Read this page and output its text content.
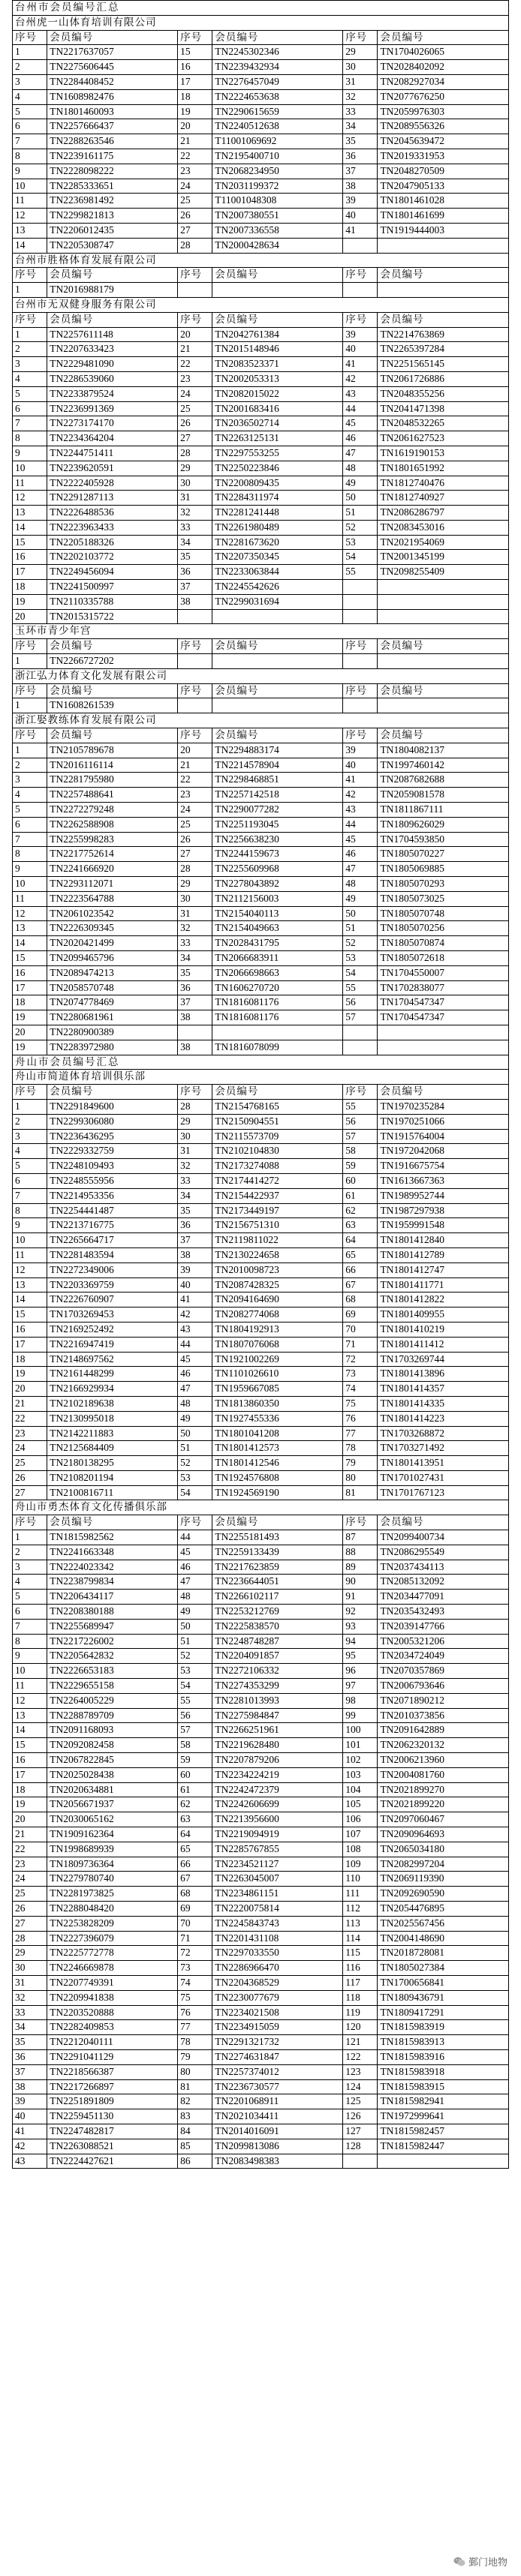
台州市会员编号汇总					
台州虎一山体育培训有限公司					
序号	会员编号	序号	会员编号	序号	会员编号
1	TN2217637057	15	TN2245302346	29	TN1704026065
2	TN2275606445	16	TN2239432934	30	TN2028402092
3	TN2284408452	17	TN2276457049	31	TN2082927034
4	TN1608982476	18	TN2224653638	32	TN2077676250
5	TN1801460093	19	TN2290615659	33	TN2059976303
6	TN2257666437	20	TN2240512638	34	TN2089556326
7	TN2288263546	21	T11001069692	35	TN2045639472
8	TN2239161175	22	TN2195400710	36	TN2019331953
9	TN2228098222	23	TN2068234950	37	TN2048270509
10	TN2285333651	24	TN2031199372	38	TN2047905133
11	TN2236981492	25	T11001048308	39	TN1801461028
12	TN2299821813	26	TN2007380551	40	TN1801461699
13	TN2206012435	27	TN2007336558	41	TN1919444003
14	TN2205308747	28	TN2000428634		
台州市胜格体育发展有限公司					
序号	会员编号	序号	会员编号	序号	会员编号
1	TN2016988179				
台州市无双健身服务有限公司					
序号	会员编号	序号	会员编号	序号	会员编号
1	TN2257611148	20	TN2042761384	39	TN2214763869
2	TN2207633423	21	TN2015148946	40	TN2265397284
3	TN2229481090	22	TN2083523371	41	TN2251565145
4	TN2286539060	23	TN2002053313	42	TN2061726886
5	TN2233879524	24	TN2082015022	43	TN2048355256
6	TN2236991369	25	TN2001683416	44	TN2041471398
7	TN2273174170	26	TN2036502714	45	TN2048532265
8	TN2234364204	27	TN2263125131	46	TN2061627523
9	TN2244751411	28	TN2297553255	47	TN1619190153
10	TN2239620591	29	TN2250223846	48	TN1801651992
11	TN2222405928	30	TN2200809435	49	TN1812740476
12	TN2291287113	31	TN2284311974	50	TN1812740927
13	TN2226488536	32	TN2281241448	51	TN2086286797
14	TN2223963433	33	TN2261980489	52	TN2083453016
15	TN2205188326	34	TN2281673620	53	TN2021954069
16	TN2202103772	35	TN2207350345	54	TN2001345199
17	TN2249456094	36	TN2233063844	55	TN2098255409
18	TN2241500997	37	TN2245542626		
19	TN2110335788	38	TN2299031694		
20	TN2015315722				
玉环市青少年宫					
序号	会员编号	序号	会员编号	序号	会员编号
1	TN2266727202				
浙江弘力体育文化发展有限公司					
序号	会员编号	序号	会员编号	序号	会员编号
1	TN1608261539				
浙江娶教练体育发展有限公司					
序号	会员编号	序号	会员编号	序号	会员编号
1	TN2105789678	20	TN2294883174	39	TN1804082137
2	TN2016116114	21	TN2214578904	40	TN1997460142
3	TN2281795980	22	TN2298468851	41	TN2087682688
4	TN2257488641	23	TN2257142518	42	TN2059081578
5	TN2272279248	24	TN2290077282	43	TN1811867111
6	TN2262588908	25	TN2251193045	44	TN1809626029
7	TN2255998283	26	TN2256638230	45	TN1704593850
8	TN2217752614	27	TN2244159673	46	TN1805070227
9	TN2241666920	28	TN2255609968	47	TN1805069885
10	TN2293112071	29	TN2278043892	48	TN1805070293
11	TN2223564788	30	TN2112156003	49	TN1805073025
12	TN2061023542	31	TN2154040113	50	TN1805070748
13	TN2226309345	32	TN2154049663	51	TN1805070256
14	TN2020421499	33	TN2028431795	52	TN1805070874
15	TN2099465796	34	TN2066683911	53	TN1805072618
16	TN2089474213	35	TN2066698663	54	TN1704550007
17	TN2058570748	36	TN1606270720	55	TN1702838077
18	TN2074778469	37	TN1816081176	56	TN1704547347
19	TN2280681961	38	TN1816081176	57	TN1704547347
20	TN2280900389				
19	TN2283972980	38	TN1816078099		
舟山市会员编号汇总					
舟山市简道体育培训俱乐部					
序号	会员编号	序号	会员编号	序号	会员编号
1	TN2291849600	28	TN2154768165	55	TN1970235284
2	TN2299306080	29	TN2150904551	56	TN1970251066
3	TN2236436295	30	TN2115573709	57	TN1915764004
4	TN2229332759	31	TN2102104830	58	TN1972042068
5	TN2248109493	32	TN2173274088	59	TN1916675754
6	TN2248555956	33	TN2174414272	60	TN1613667363
7	TN2214953356	34	TN2154422937	61	TN1989952744
8	TN2254441487	35	TN2173449197	62	TN1987297938
9	TN2213716775	36	TN2156751310	63	TN1959991548
10	TN2265664717	37	TN2119811022	64	TN1801412840
11	TN2281483594	38	TN2130224658	65	TN1801412789
12	TN2272349006	39	TN2010098723	66	TN1801412747
13	TN2203369759	40	TN2087428325	67	TN1801411771
14	TN2226760907	41	TN2094164690	68	TN1801412822
15	TN1703269453	42	TN2082774068	69	TN1801409955
16	TN2169252492	43	TN1804192913	70	TN1801410219
17	TN2216947419	44	TN1807076068	71	TN1801411412
18	TN2148697562	45	TN1921002269	72	TN1703269744
19	TN2161448299	46	TN1101026610	73	TN1801413896
20	TN2166929934	47	TN1959667085	74	TN1801414357
21	TN2102189638	48	TN1813860350	75	TN1801414335
22	TN2130995018	49	TN1927455336	76	TN1801414223
23	TN2142211883	50	TN1801041208	77	TN1703268872
24	TN2125684409	51	TN1801412573	78	TN1703271492
25	TN2180138295	52	TN1801412546	79	TN1801413951
26	TN2108201194	53	TN1924576808	80	TN1701027431
27	TN2100816711	54	TN1924569190	81	TN1701767123
舟山市勇杰体育文化传播俱乐部					
序号	会员编号	序号	会员编号	序号	会员编号
1	TN1815982562	44	TN2255181493	87	TN2099400734
2	TN2241663348	45	TN2259133439	88	TN2086295549
3	TN2224023342	46	TN2217623859	89	TN2037434113
4	TN2238799834	47	TN2236644051	90	TN2085132092
5	TN2206434117	48	TN2266102117	91	TN2034477091
6	TN2208380188	49	TN2253212769	92	TN2035432493
7	TN2255689947	50	TN2225838570	93	TN2039147766
8	TN2217226002	51	TN2248748287	94	TN2005321206
9	TN2205642832	52	TN2204091857	95	TN2034724049
10	TN2226653183	53	TN2272106332	96	TN2070357869
11	TN2229655158	54	TN2274353299	97	TN2006793646
12	TN2264005229	55	TN2281013993	98	TN2071890212
13	TN2288789709	56	TN2275984847	99	TN2010373856
14	TN2091168093	57	TN2266251961	100	TN2091642889
15	TN2092082458	58	TN2219628480	101	TN2062320132
16	TN2067822845	59	TN2207879206	102	TN2006213960
17	TN2025028438	60	TN2234224219	103	TN2004081760
18	TN2020634881	61	TN2242472379	104	TN2021899270
19	TN2056671937	62	TN2242606699	105	TN2021899220
20	TN2030065162	63	TN2213956600	106	TN2097060467
21	TN1909162364	64	TN2219094919	107	TN2090964693
22	TN1998689939	65	TN2285767855	108	TN2065034180
23	TN1809736364	66	TN2234521127	109	TN2082997204
24	TN2279780740	67	TN2263045007	110	TN2069119390
25	TN2281973825	68	TN2234861151	111	TN2092690590
26	TN2288048420	69	TN2220075814	112	TN2054476895
27	TN2253828209	70	TN2245843743	113	TN2025567456
28	TN2227396079	71	TN2201431108	114	TN2004148690
29	TN2225772778	72	TN2297033550	115	TN2018728081
30	TN2246669878	73	TN2286966470	116	TN1805027384
31	TN2207749391	74	TN2204368529	117	TN1700656841
32	TN2209941838	75	TN2230077679	118	TN1809436791
33	TN2203520888	76	TN2234021508	119	TN1809417291
34	TN2282409853	77	TN2234915059	120	TN1815983919
35	TN2212040111	78	TN2291321732	121	TN1815983913
36	TN2291041129	79	TN2274631847	122	TN1815983916
37	TN2218566387	80	TN2257374012	123	TN1815983918
38	TN2217266897	81	TN2236730577	124	TN1815983915
39	TN2251891809	82	TN2201068911	125	TN1815982941
40	TN2259451130	83	TN2021034411	126	TN1972999641
41	TN2247482817	84	TN2014016091	127	TN1815982457
42	TN2263088521	85	TN2099813086	128	TN1815982447
43	TN2224427621	86	TN2083498383		
鄞门地物
